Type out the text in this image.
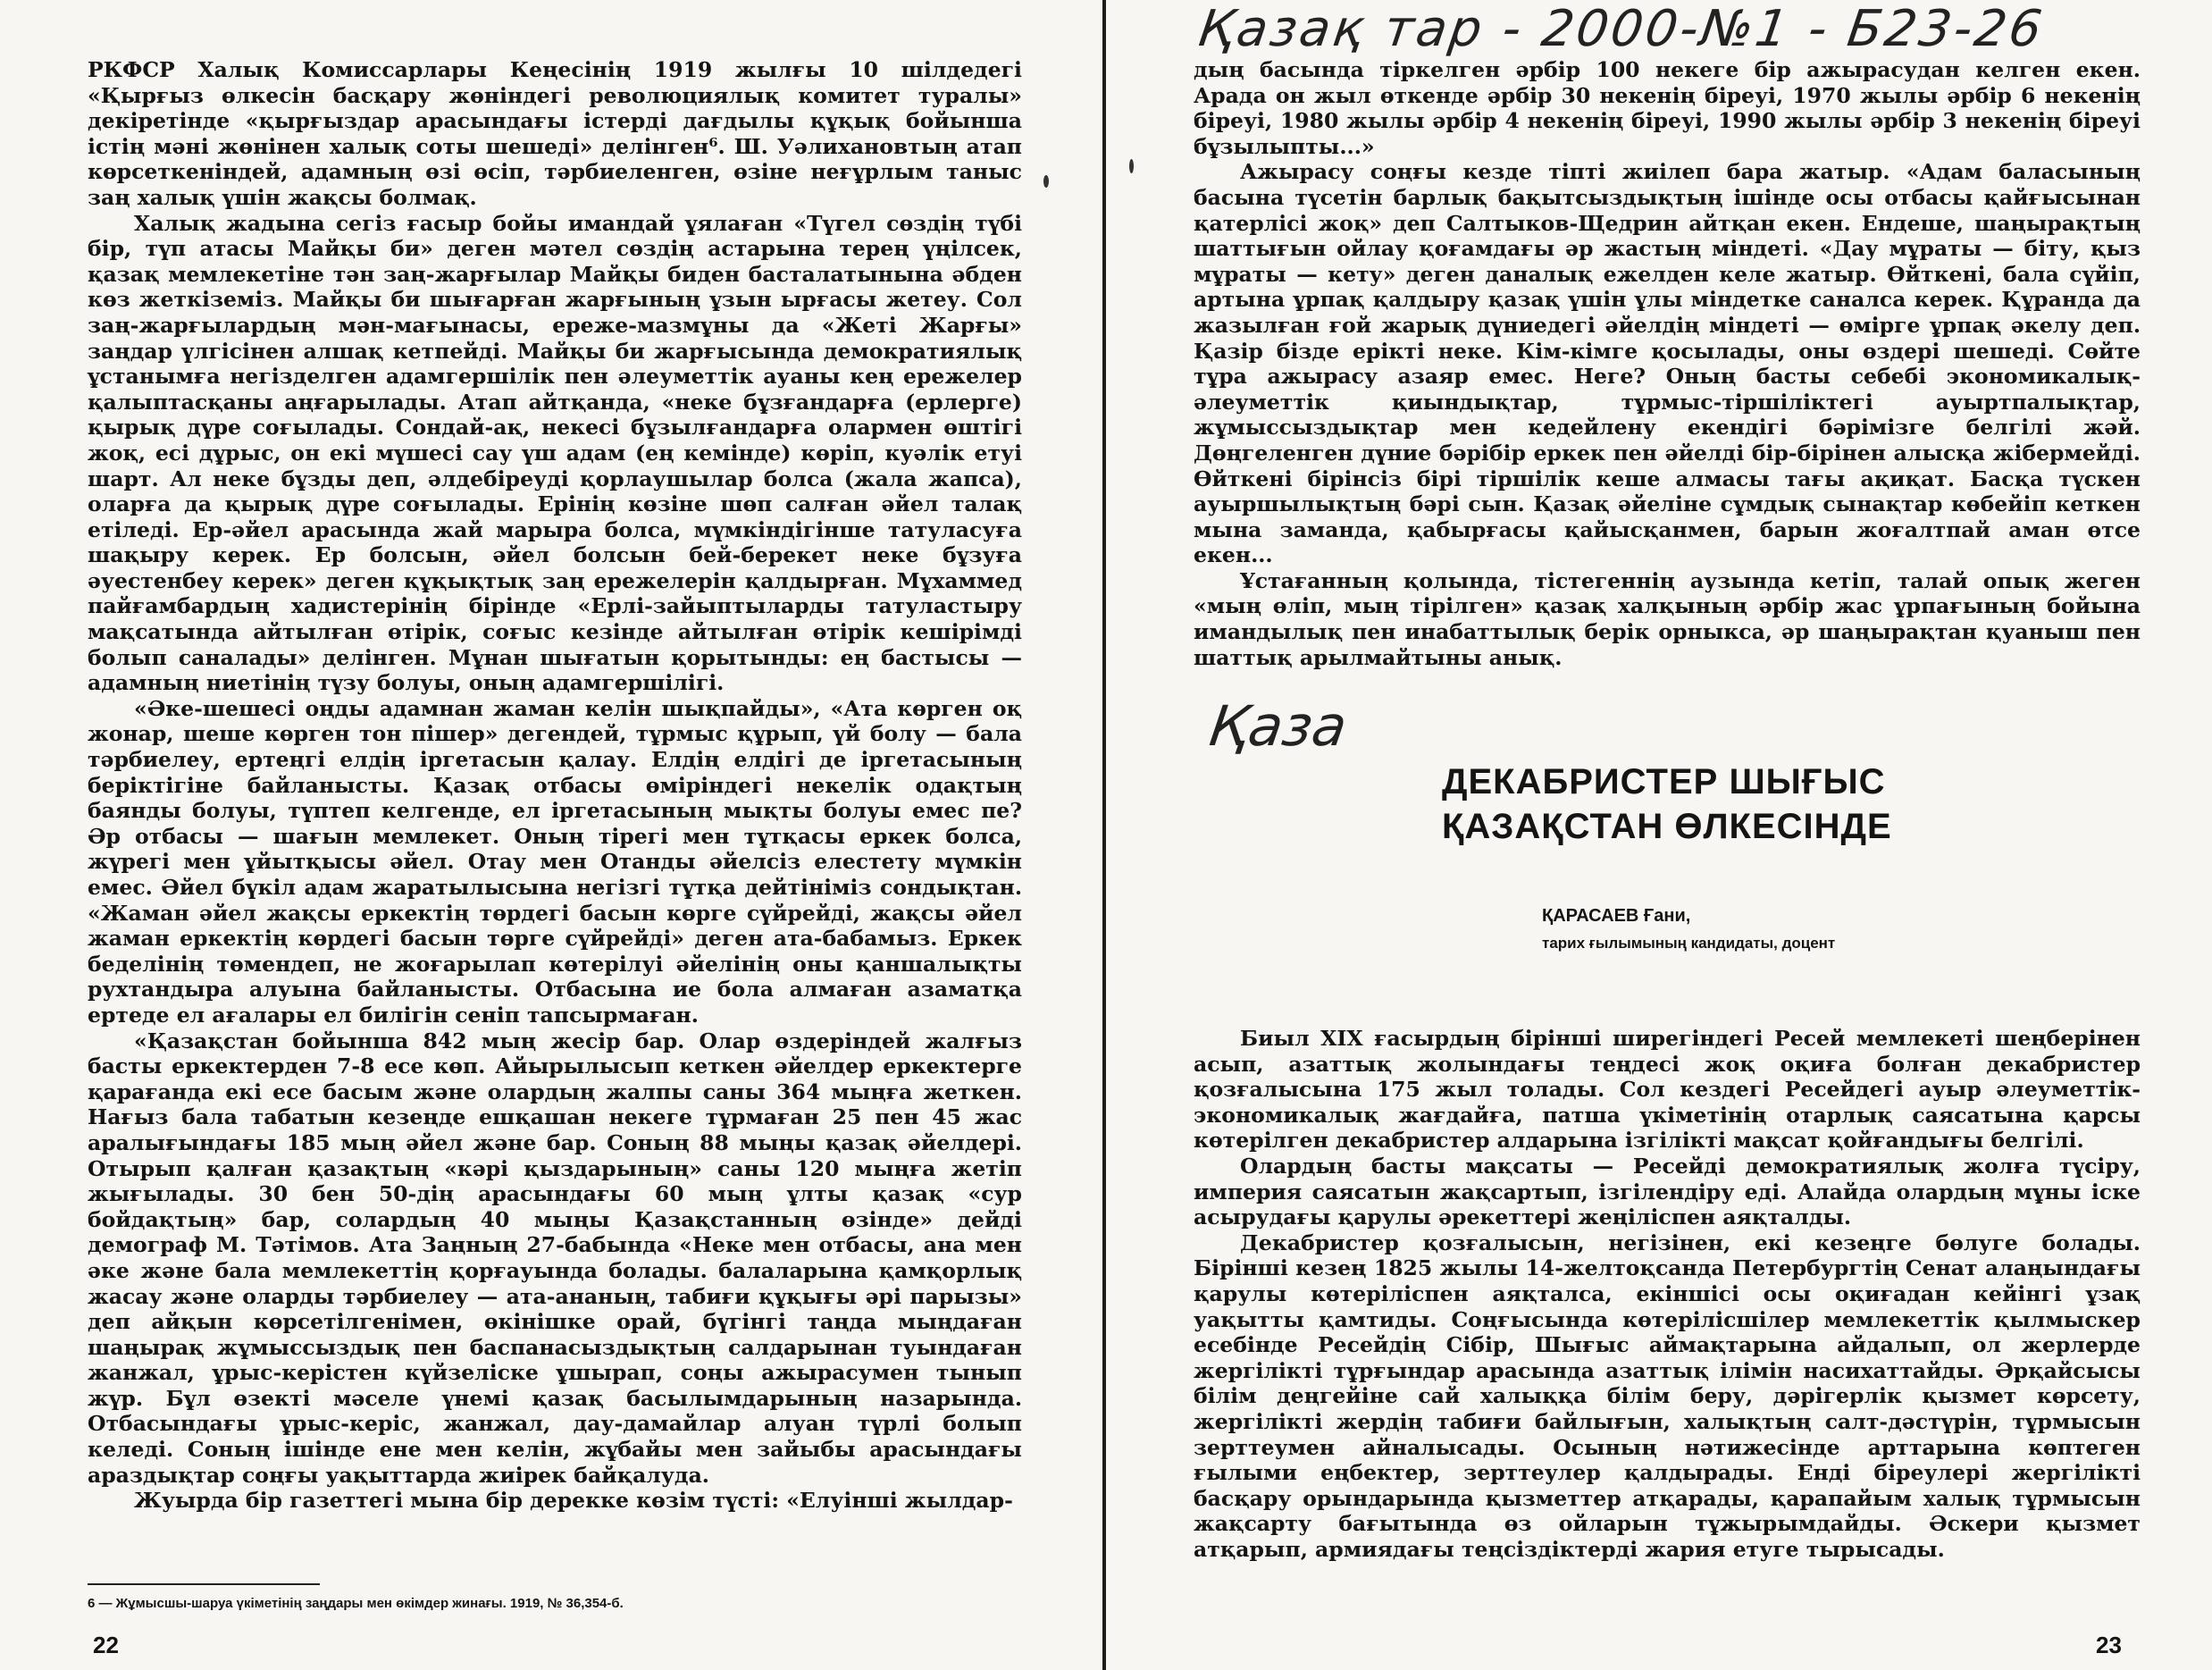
РКФСР Халық Комиссарлары Кеңесінің 1919 жылғы 10 шілдедегі «Қырғыз өлкесін басқару жөніндегі революциялық комитет туралы» декіретінде «қырғыздар арасындағы істерді дағдылы құқық бойынша істің мәні жөнінен халық соты шешеді» делінген⁶. Ш. Уәлихановтың атап көрсеткеніндей, адамның өзі өсіп, тәрбиеленген, өзіне неғұрлым таныс заң халық үшін жақсы болмақ.

Халық жадына сегіз ғасыр бойы имандай ұялаған «Түгел сөздің түбі бір, түп атасы Майқы би» деген мәтел сөздің астарына терең үңілсек, қазақ мемлекетіне тән заң-жарғылар Майқы биден басталатынына әбден көз жеткіземіз. Майқы би шығарған жарғының ұзын ырғасы жетеу. Сол заң-жарғылардың мән-мағынасы, ереже-мазмұны да «Жеті Жарғы» заңдар үлгісінен алшақ кетпейді. Майқы би жарғысында демократиялық ұстанымға негізделген адамгершілік пен әлеуметтік ауаны кең ережелер қалыптасқаны аңғарылады. Атап айтқанда, «неке бұзғандарға (ерлерге) қырық дүре соғылады. Сондай-ақ, некесі бұзылғандарға олармен өштігі жоқ, есі дұрыс, он екі мүшесі сау үш адам (ең кемінде) көріп, куәлік етуі шарт. Ал неке бұзды деп, әлдебіреуді қорлаушылар болса (жала жапса), оларға да қырық дүре соғылады. Ерінің көзіне шөп салған әйел талақ етіледі. Ер-әйел арасында жай марыра болса, мүмкіндігінше татуласуға шақыру керек. Ер болсын, әйел болсын бей-берекет неке бұзуға әуестенбеу керек» деген құқықтық заң ережелерін қалдырған. Мұхаммед пайғамбардың хадистерінің бірінде «Ерлі-зайыптыларды татуластыру мақсатында айтылған өтірік, соғыс кезінде айтылған өтірік кешірімді болып саналады» делінген. Мұнан шығатын қорытынды: ең бастысы — адамның ниетінің түзу болуы, оның адамгершілігі.

«Әке-шешесі оңды адамнан жаман келін шықпайды», «Ата көрген оқ жонар, шеше көрген тон пішер» дегендей, тұрмыс құрып, үй болу — бала тәрбиелеу, ертеңгі елдің іргетасын қалау. Елдің елдігі де іргетасының беріктігіне байланысты. Қазақ отбасы өміріндегі некелік одақтың баянды болуы, түптеп келгенде, ел іргетасының мықты болуы емес пе? Әр отбасы — шағын мемлекет. Оның тірегі мен тұтқасы еркек болса, жүрегі мен ұйытқысы әйел. Отау мен Отанды әйелсіз елестету мүмкін емес. Әйел бүкіл адам жаратылысына негізгі тұтқа дейтініміз сондықтан. «Жаман әйел жақсы еркектің төрдегі басын көрге сүйрейді, жақсы әйел жаман еркектің көрдегі басын төрге сүйрейді» деген ата-бабамыз. Еркек беделінің төмендеп, не жоғарылап көтерілуі әйелінің оны қаншалықты рухтандыра алуына байланысты. Отбасына ие бола алмаған азаматқа ертеде ел ағалары ел билігін сеніп тапсырмаған.

«Қазақстан бойынша 842 мың жесір бар. Олар өздеріндей жалғыз басты еркектерден 7-8 есе көп. Айырылысып кеткен әйелдер еркектерге қарағанда екі есе басым және олардың жалпы саны 364 мыңға жеткен. Нағыз бала табатын кезеңде ешқашан некеге тұрмаған 25 пен 45 жас аралығындағы 185 мың әйел және бар. Соның 88 мыңы қазақ әйелдері. Отырып қалған қазақтың «кәрі қыздарының» саны 120 мыңға жетіп жығылады. 30 бен 50-дің арасындағы 60 мың ұлты қазақ «сур бойдақтың» бар, солардың 40 мыңы Қазақстанның өзінде» дейді демограф М. Тәтімов. Ата Заңның 27-бабында «Неке мен отбасы, ана мен әке және бала мемлекеттің қорғауында болады. балаларына қамқорлық жасау және оларды тәрбиелеу — ата-ананың, табиғи құқығы әрі парызы» деп айқын көрсетілгенімен, өкінішке орай, бүгінгі таңда мыңдаған шаңырақ жұмыссыздық пен баспанасыздықтың салдарынан туындаған жанжал, ұрыс-керістен күйзеліске ұшырап, соңы ажырасумен тынып жүр. Бұл өзекті мәселе үнемі қазақ басылымдарының назарында. Отбасындағы ұрыс-керіс, жанжал, дау-дамайлар алуан түрлі болып келеді. Соның ішінде ене мен келін, жұбайы мен зайыбы арасындағы араздықтар соңғы уақыттарда жиірек байқалуда.

Жуырда бір газеттегі мына бір дерекке көзім түсті: «Елуінші жылдар-

6 — Жұмысшы-шаруа үкіметінің заңдары мен өкімдер жинағы. 1919, № 36,354-б.
22
Қазақ тар - 2000-№1 - Б23-26

дың басында тіркелген әрбір 100 некеге бір ажырасудан келген екен. Арада он жыл өткенде әрбір 30 некенің біреуі, 1970 жылы әрбір 6 некенің біреуі, 1980 жылы әрбір 4 некенің біреуі, 1990 жылы әрбір 3 некенің біреуі бұзылыпты...»

Ажырасу соңғы кезде тіпті жиілеп бара жатыр. «Адам баласының басына түсетін барлық бақытсыздықтың ішінде осы отбасы қайғысынан қатерлісі жоқ» деп Салтыков-Щедрин айтқан екен. Ендеше, шаңырақтың шаттығын ойлау қоғамдағы әр жастың міндеті. «Дау мұраты — біту, қыз мұраты — кету» деген даналық ежелден келе жатыр. Өйткені, бала сүйіп, артына ұрпақ қалдыру қазақ үшін ұлы міндетке саналса керек. Құранда да жазылған ғой жарық дүниедегі әйелдің міндеті — өмірге ұрпақ әкелу деп. Қазір бізде ерікті неке. Кім-кімге қосылады, оны өздері шешеді. Сөйте тұра ажырасу азаяр емес. Неге? Оның басты себебі экономикалық-әлеуметтік қиындықтар, тұрмыс-тіршіліктегі ауыртпалықтар, жұмыссыздықтар мен кедейлену екендігі бәрімізге белгілі жәй. Дөңгеленген дүние бәрібір еркек пен әйелді бір-бірінен алысқа жібермейді. Өйткені бірінсіз бірі тіршілік кеше алмасы тағы ақиқат. Басқа түскен ауыршылықтың бәрі сын. Қазақ әйеліне сұмдық сынақтар көбейіп кеткен мына заманда, қабырғасы қайысқанмен, барын жоғалтпай аман өтсе екен...

Ұстағанның қолында, тістегеннің аузында кетіп, талай опық жеген «мың өліп, мың тірілген» қазақ халқының әрбір жас ұрпағының бойына имандылық пен инабаттылық берік орныкса, әр шаңырақтан қуаныш пен шаттық арылмайтыны анық.

Қаза
ДЕКАБРИСТЕР ШЫҒЫС
ҚАЗАҚСТАН ӨЛКЕСІНДЕ
ҚАРАСАЕВ Ғани,
тарих ғылымының кандидаты, доцент

Биыл XIX ғасырдың бірінші ширегіндегі Ресей мемлекеті шеңберінен асып, азаттық жолындағы теңдесі жоқ оқиға болған декабристер қозғалысына 175 жыл толады. Сол кездегі Ресейдегі ауыр әлеуметтік-экономикалық жағдайға, патша үкіметінің отарлық саясатына қарсы көтерілген декабристер алдарына ізгілікті мақсат қойғандығы белгілі.

Олардың басты мақсаты — Ресейді демократиялық жолға түсіру, империя саясатын жақсартып, ізгілендіру еді. Алайда олардың мұны іске асырудағы қарулы әрекеттері жеңіліспен аяқталды.

Декабристер қозғалысын, негізінен, екі кезеңге бөлуге болады. Бірінші кезең 1825 жылы 14-желтоқсанда Петербургтің Сенат алаңындағы қарулы көтеріліспен аяқталса, екіншісі осы оқиғадан кейінгі ұзақ уақытты қамтиды. Соңғысында көтерілісшілер мемлекеттік қылмыскер есебінде Ресейдің Сібір, Шығыс аймақтарына айдалып, ол жерлерде жергілікті тұрғындар арасында азаттық ілімін насихаттайды. Әрқайсысы білім деңгейіне сай халыққа білім беру, дәрігерлік қызмет көрсету, жергілікті жердің табиғи байлығын, халықтың салт-дәстүрін, тұрмысын зерттеумен айналысады. Осының нәтижесінде арттарына көптеген ғылыми еңбектер, зерттеулер қалдырады. Енді біреулері жергілікті басқару орындарында қызметтер атқарады, қарапайым халық тұрмысын жақсарту бағытында өз ойларын тұжырымдайды. Әскери қызмет атқарып, армиядағы теңсіздіктерді жария етуге тырысады.

23
